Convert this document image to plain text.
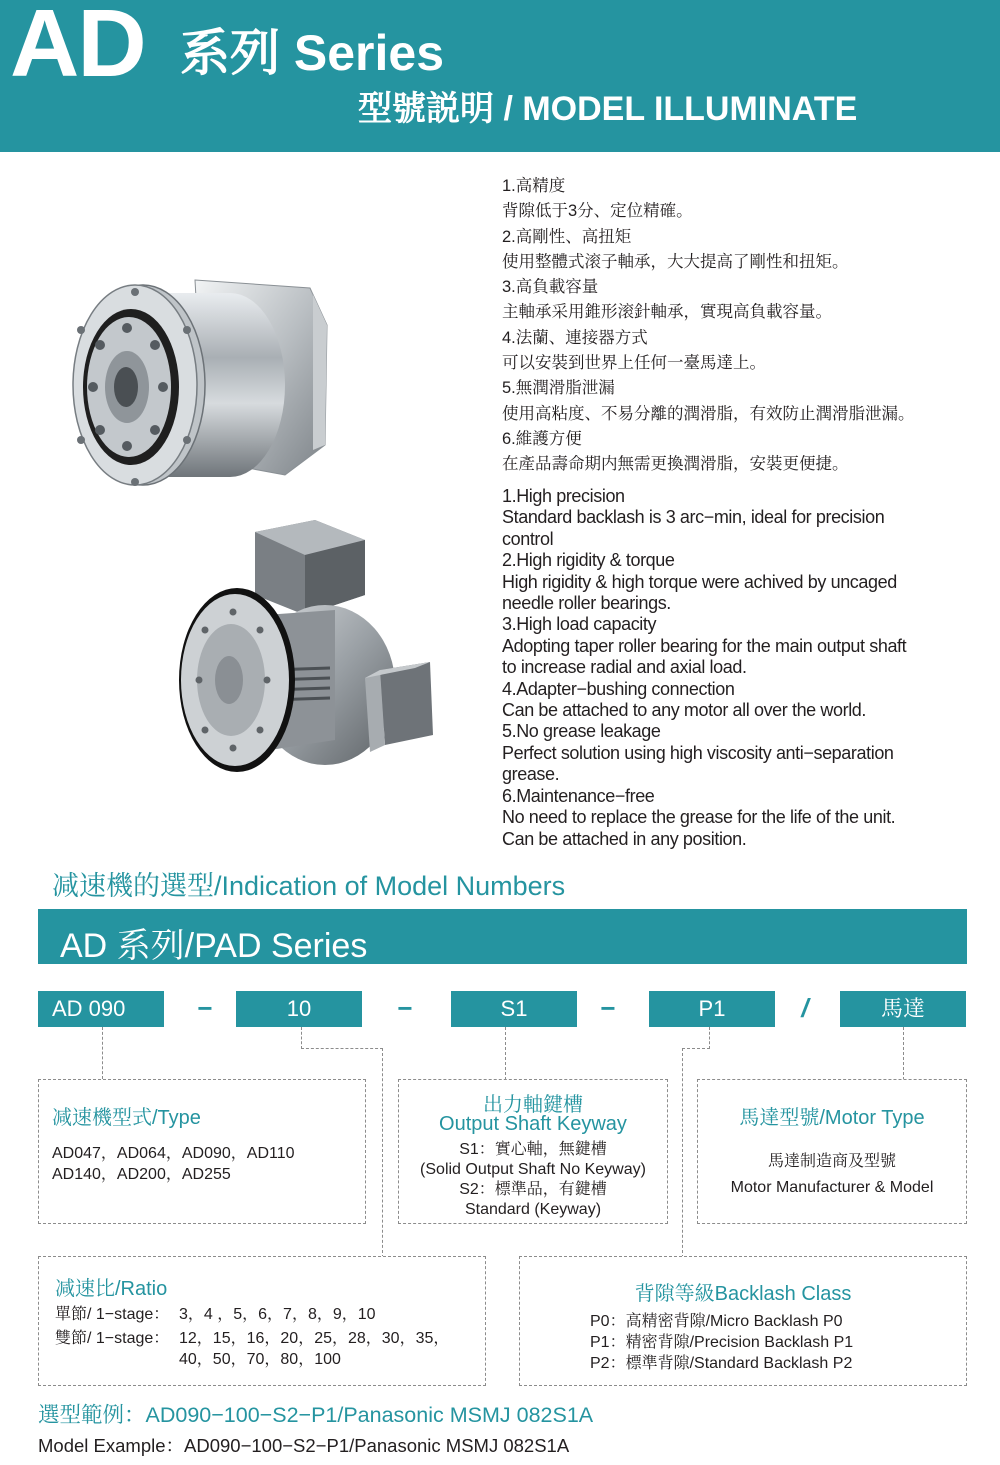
AD 系列 Series
型號説明 / MODEL ILLUMINATE
1.高精度
背隙低于3分、定位精確。
2.高剛性、高扭矩
使用整體式滚子軸承，大大提高了剛性和扭矩。
3.高負載容量
主軸承采用錐形滚針軸承，實現高負載容量。
4.法蘭、連接器方式
可以安裝到世界上任何一臺馬達上。
5.無潤滑脂泄漏
使用高粘度、不易分離的潤滑脂，有效防止潤滑脂泄漏。
6.維護方便
在產品壽命期内無需更換潤滑脂，安裝更便捷。
1.High precision
Standard backlash is 3 arc−min, ideal for precision
control
2.High rigidity & torque
High rigidity & high torque were achived by uncaged
needle roller bearings.
3.High load capacity
Adopting taper roller bearing for the main output shaft
to increase radial and axial load.
4.Adapter−bushing connection
Can be attached to any motor all over the world.
5.No grease leakage
Perfect solution using high viscosity anti−separation
grease.
6.Maintenance−free
No need to replace the grease for the life of the unit.
Can be attached in any position.
减速機的選型/Indication of Model Numbers
AD 系列/PAD Series
AD 090	−	10	−	S1	−	P1	/	馬達
减速機型式/Type
AD047，AD064，AD090，AD110
AD140，AD200，AD255
出力軸鍵槽
Output Shaft Keyway
S1：實心軸，無鍵槽
(Solid Output Shaft No Keyway)
S2：標準品，有鍵槽
Standard (Keyway)
馬達型號/Motor Type
馬達制造商及型號
Motor Manufacturer & Model
减速比/Ratio
單節/ 1−stage： 3，4 ，5，6，7，8，9，10
雙節/ 1−stage： 12，15，16，20，25，28，30，35，
40，50，70，80，100
背隙等級Backlash Class
P0：高精密背隙/Micro Backlash P0
P1：精密背隙/Precision Backlash P1
P2：標準背隙/Standard Backlash P2
選型範例：AD090−100−S2−P1/Panasonic MSMJ 082S1A
Model Example：AD090−100−S2−P1/Panasonic MSMJ 082S1A
